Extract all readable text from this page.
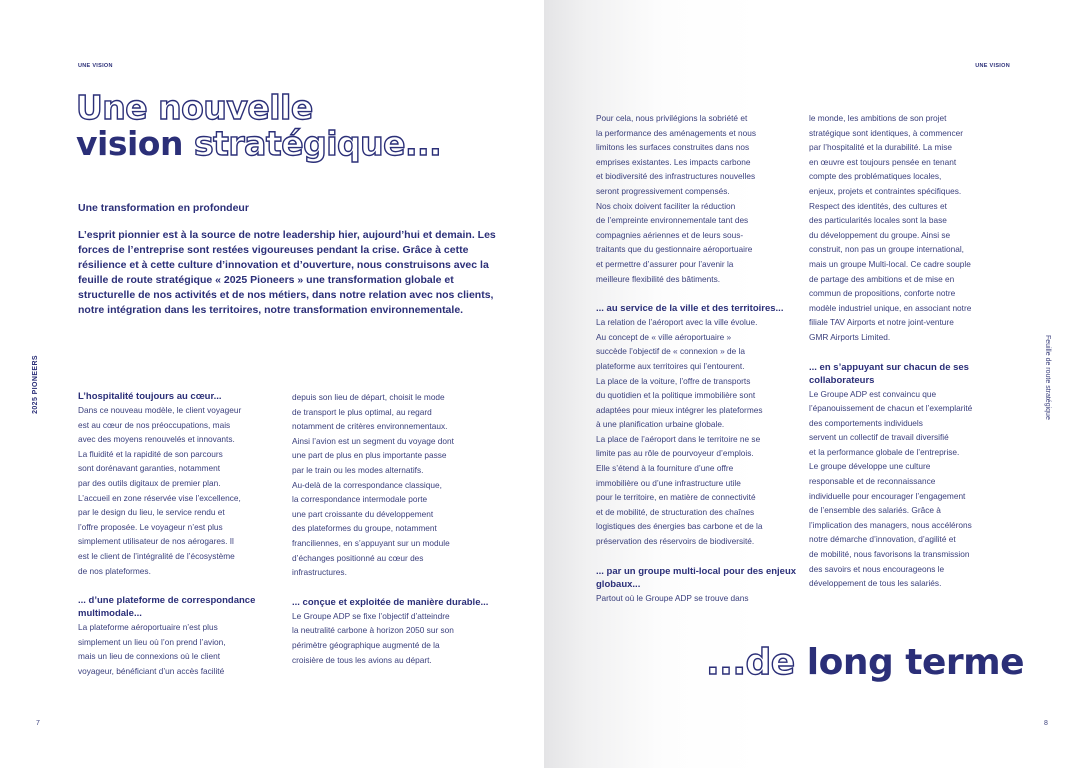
UNE VISION

Une nouvelle

vision stratégique...

Une transformation en profondeur

L’esprit pionnier est à la source de notre leadership hier, aujourd’hui et demain. Les forces de l’entreprise sont restées vigoureuses pendant la crise. Grâce à cette résilience et à cette culture d’innovation et d’ouverture, nous construisons avec la feuille de route stratégique « 2025 Pioneers » une transformation globale et structurelle de nos activités et de nos métiers, dans notre relation avec nos clients, notre intégration dans les territoires, notre transformation environnementale.

2025 PIONEERS	L’hospitalité toujours au cœur...

Dans ce nouveau modèle, le client voyageur
est au cœur de nos préoccupations, mais
avec des moyens renouvelés et innovants.
La fluidité et la rapidité de son parcours
sont dorénavant garanties, notamment
par des outils digitaux de premier plan.
L’accueil en zone réservée vise l’excellence,
par le design du lieu, le service rendu et
l’offre proposée. Le voyageur n’est plus
simplement utilisateur de nos aérogares. Il
est le client de l’intégralité de l’écosystème
de nos plateformes.

... d’une plateforme de correspondance multimodale...

La plateforme aéroportuaire n’est plus
simplement un lieu où l’on prend l’avion,
mais un lieu de connexions où le client
voyageur, bénéficiant d’un accès facilité

depuis son lieu de départ, choisit le mode
de transport le plus optimal, au regard
notamment de critères environnementaux.
Ainsi l’avion est un segment du voyage dont
une part de plus en plus importante passe
par le train ou les modes alternatifs.
Au-delà de la correspondance classique,
la correspondance intermodale porte
une part croissante du développement
des plateformes du groupe, notamment
franciliennes, en s’appuyant sur un module
d’échanges positionné au cœur des
infrastructures.

... conçue et exploitée de manière durable...

Le Groupe ADP se fixe l’objectif d’atteindre
la neutralité carbone à horizon 2050 sur son
périmètre géographique augmenté de la
croisière de tous les avions au départ.

7
UNE VISION

Pour cela, nous privilégions la sobriété et
la performance des aménagements et nous
limitons les surfaces construites dans nos
emprises existantes. Les impacts carbone
et biodiversité des infrastructures nouvelles
seront progressivement compensés.
Nos choix doivent faciliter la réduction
de l’empreinte environnementale tant des
compagnies aériennes et de leurs sous-
traitants que du gestionnaire aéroportuaire
et permettre d’assurer pour l’avenir la
meilleure flexibilité des bâtiments.

... au service de la ville et des territoires...

La relation de l’aéroport avec la ville évolue.
Au concept de « ville aéroportuaire »
succède l’objectif de « connexion » de la
plateforme aux territoires qui l’entourent.
La place de la voiture, l’offre de transports
du quotidien et la politique immobilière sont
adaptées pour mieux intégrer les plateformes
à une planification urbaine globale.
La place de l’aéroport dans le territoire ne se
limite pas au rôle de pourvoyeur d’emplois.
Elle s’étend à la fourniture d’une offre
immobilière ou d’une infrastructure utile
pour le territoire, en matière de connectivité
et de mobilité, de structuration des chaînes
logistiques des énergies bas carbone et de la
préservation des réservoirs de biodiversité.

... par un groupe multi-local pour des enjeux globaux...

Partout où le Groupe ADP se trouve dans

le monde, les ambitions de son projet
stratégique sont identiques, à commencer
par l’hospitalité et la durabilité. La mise
en œuvre est toujours pensée en tenant
compte des problématiques locales,
enjeux, projets et contraintes spécifiques.
Respect des identités, des cultures et
des particularités locales sont la base
du développement du groupe. Ainsi se
construit, non pas un groupe international,
mais un groupe Multi-local. Ce cadre souple
de partage des ambitions et de mise en
commun de propositions, conforte notre
modèle industriel unique, en associant notre
filiale TAV Airports et notre joint-venture
GMR Airports Limited.

... en s’appuyant sur chacun de ses collaborateurs

Le Groupe ADP est convaincu que
l’épanouissement de chacun et l’exemplarité
des comportements individuels
servent un collectif de travail diversifié
et la performance globale de l’entreprise.
Le groupe développe une culture
responsable et de reconnaissance
individuelle pour encourager l’engagement
de l’ensemble des salariés. Grâce à
l’implication des managers, nous accélérons
notre démarche d’innovation, d’agilité et
de mobilité, nous favorisons la transmission
des savoirs et nous encourageons le
développement de tous les salariés.

Feuille de route stratégique
...de long terme
8
